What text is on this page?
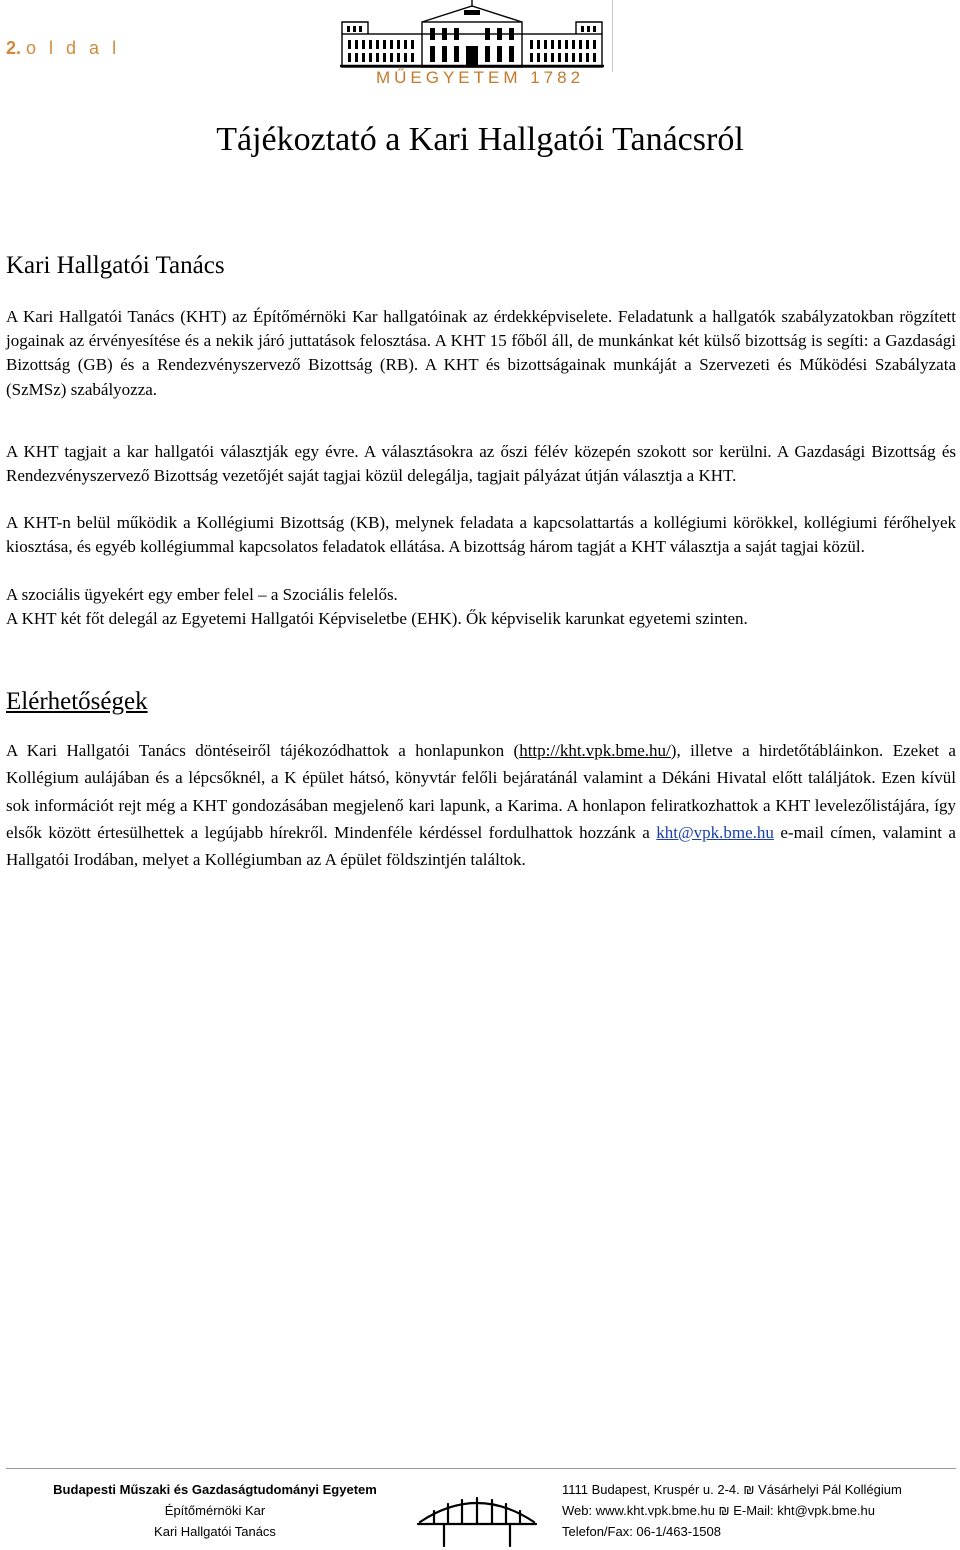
2. o l d a l
MŰEGYETEM 1782
Tájékoztató a Kari Hallgatói Tanácsról
Kari Hallgatói Tanács

A Kari Hallgatói Tanács (KHT) az Építőmérnöki Kar hallgatóinak az érdekképviselete. Feladatunk a hallgatók szabályzatokban rögzített jogainak az érvényesítése és a nekik járó juttatások felosztása. A KHT 15 főből áll, de munkánkat két külső bizottság is segíti: a Gazdasági Bizottság (GB) és a Rendezvényszervező Bizottság (RB). A KHT és bizottságainak munkáját a Szervezeti és Működési Szabályzata (SzMSz) szabályozza.

A KHT tagjait a kar hallgatói választják egy évre. A választásokra az őszi félév közepén szokott sor kerülni. A Gazdasági Bizottság és Rendezvényszervező Bizottság vezetőjét saját tagjai közül delegálja, tagjait pályázat útján választja a KHT.

A KHT-n belül működik a Kollégiumi Bizottság (KB), melynek feladata a kapcsolattartás a kollégiumi körökkel, kollégiumi férőhelyek kiosztása, és egyéb kollégiummal kapcsolatos feladatok ellátása. A bizottság három tagját a KHT választja a saját tagjai közül.

A szociális ügyekért egy ember felel – a Szociális felelős.

A KHT két főt delegál az Egyetemi Hallgatói Képviseletbe (EHK). Ők képviselik karunkat egyetemi szinten.

Elérhetőségek

A Kari Hallgatói Tanács döntéseiről tájékozódhattok a honlapunkon (http://kht.vpk.bme.hu/), illetve a hirdetőtábláinkon. Ezeket a Kollégium aulájában és a lépcsőknél, a K épület hátsó, könyvtár felőli bejáratánál valamint a Dékáni Hivatal előtt találjátok. Ezen kívül sok információt rejt még a KHT gondozásában megjelenő kari lapunk, a Karima. A honlapon feliratkozhattok a KHT levelezőlistájára, így elsők között értesülhettek a legújabb hírekről. Mindenféle kérdéssel fordulhattok hozzánk a kht@vpk.bme.hu e-mail címen, valamint a Hallgatói Irodában, melyet a Kollégiumban az A épület földszintjén találtok.

Budapesti Műszaki és Gazdaságtudományi Egyetem
Építőmérnöki Kar
Kari Hallgatói Tanács
1111 Budapest, Kruspér u. 2-4. ₪ Vásárhelyi Pál Kollégium
Web: www.kht.vpk.bme.hu ₪ E-Mail: kht@vpk.bme.hu
Telefon/Fax: 06-1/463-1508
